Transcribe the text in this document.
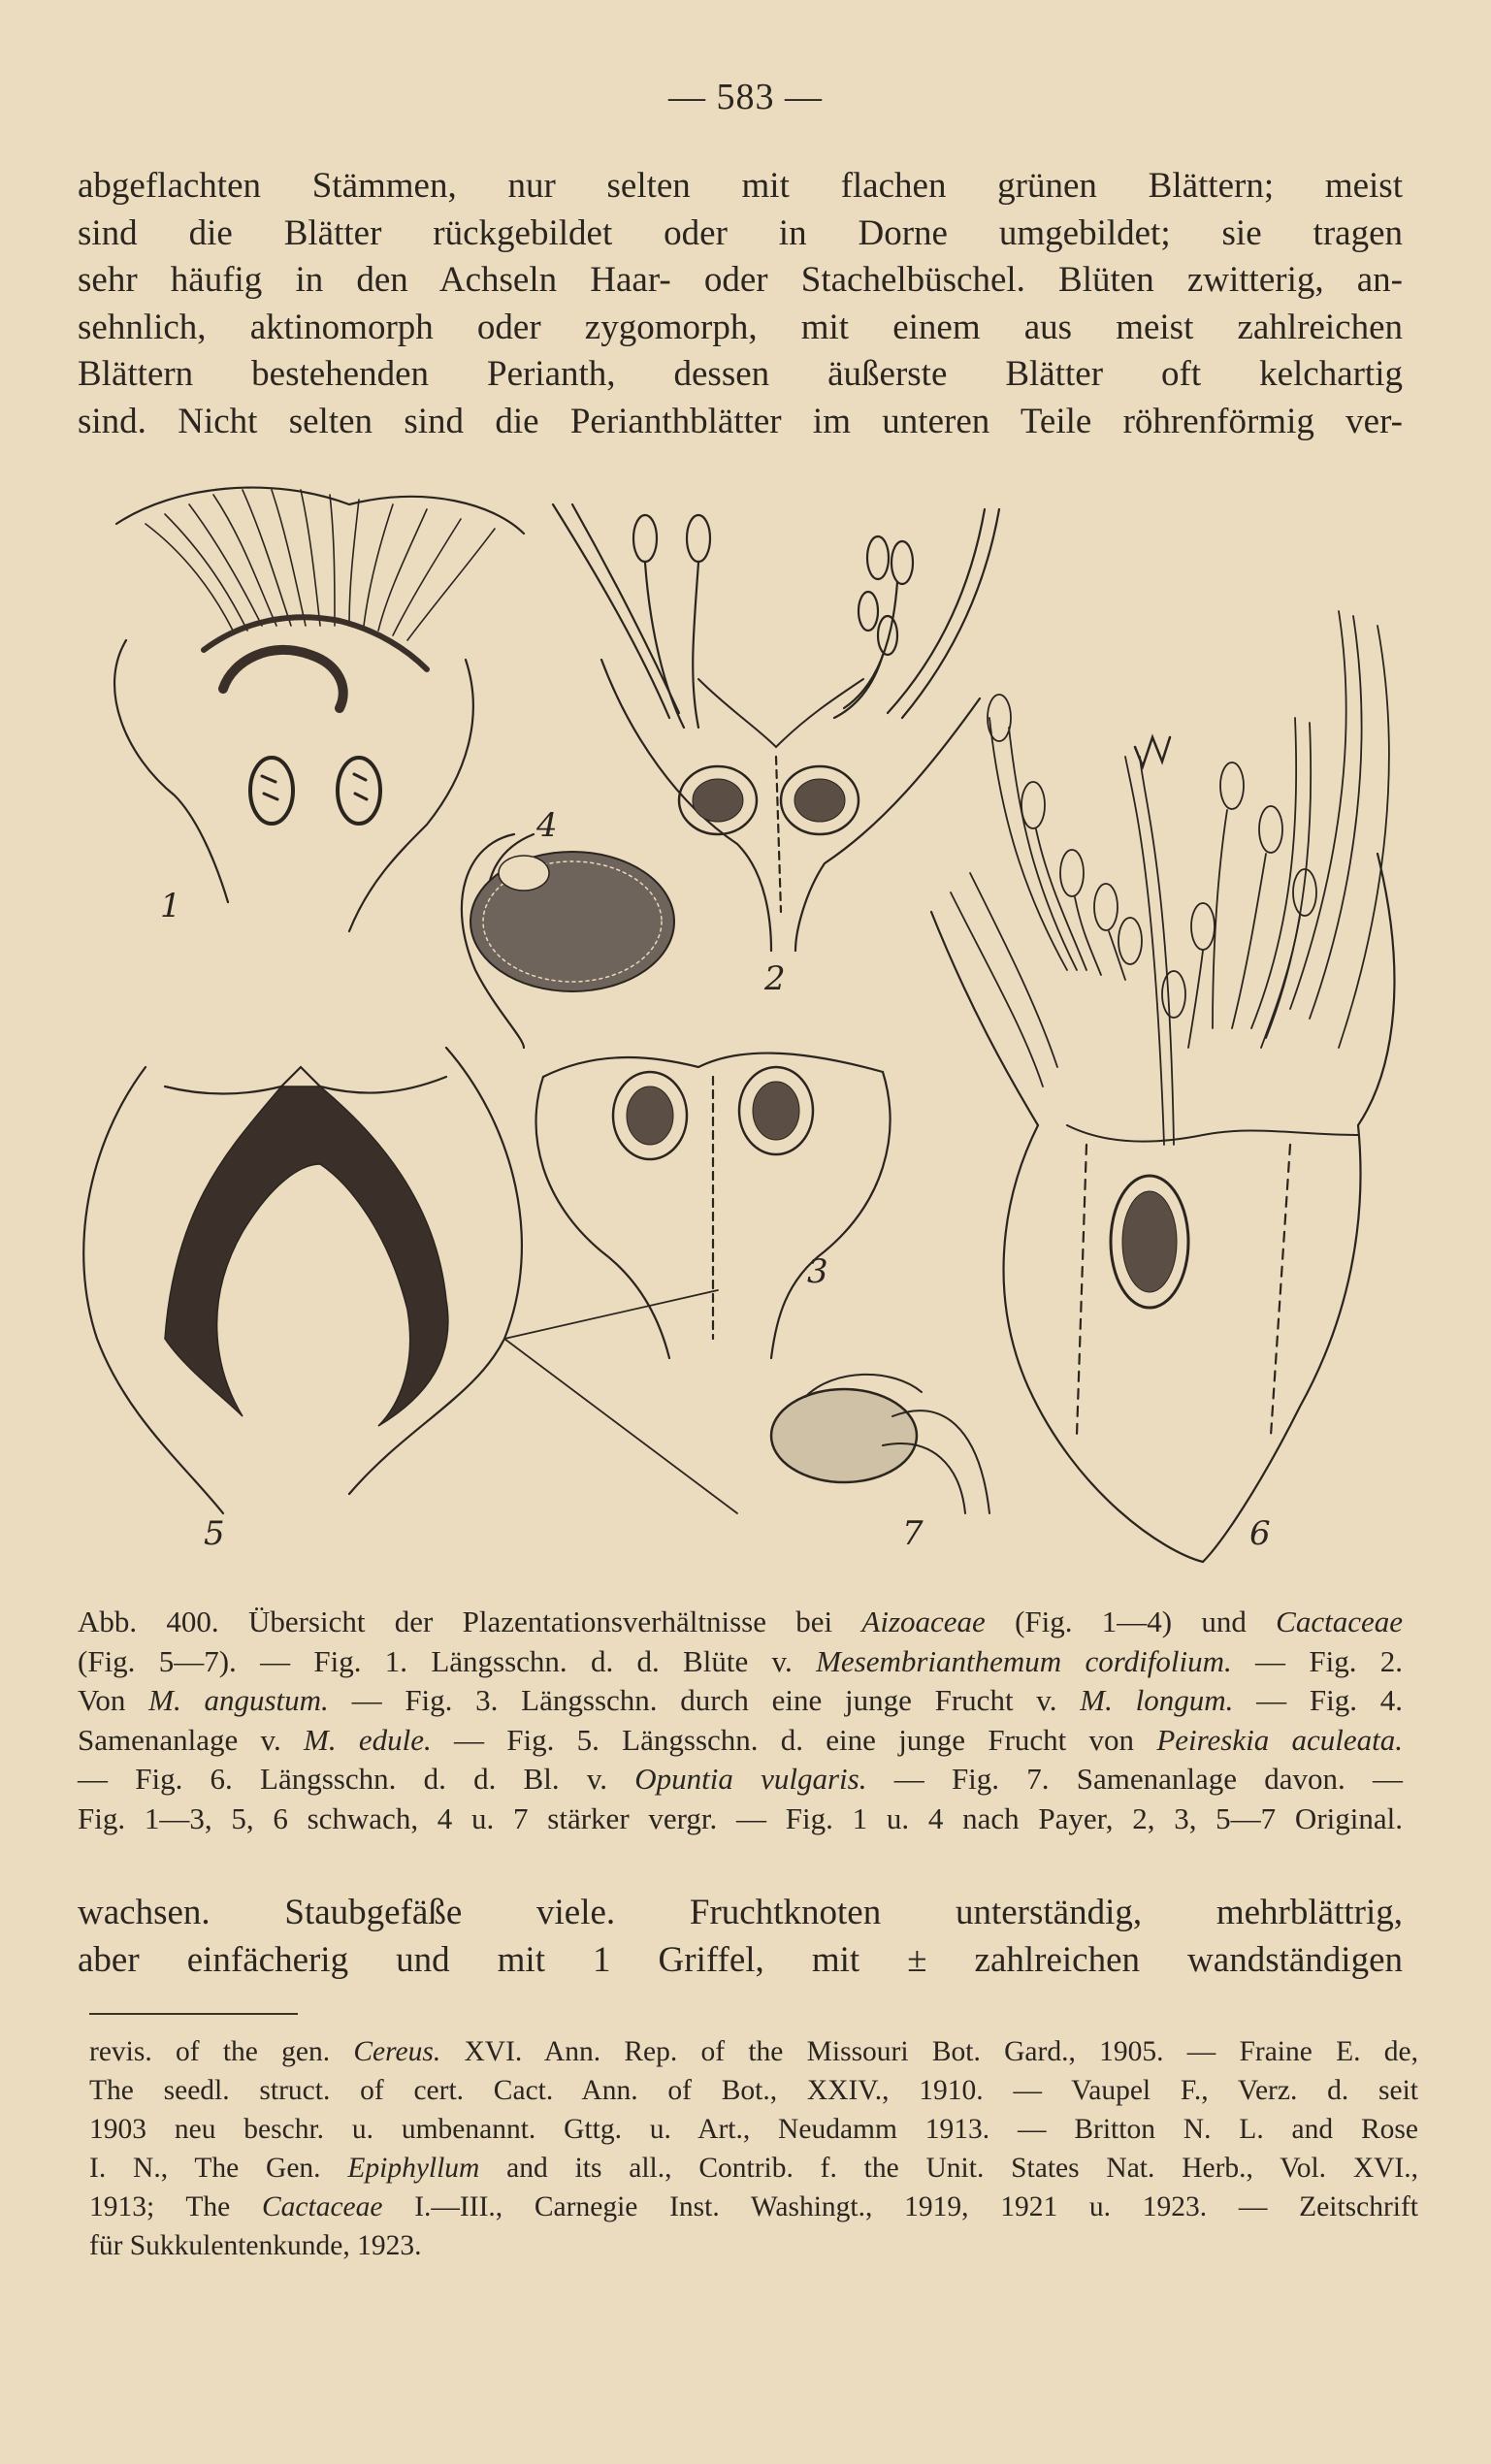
— 583 —
abgeflachten Stämmen, nur selten mit flachen grünen Blättern; meist
sind die Blätter rückgebildet oder in Dorne umgebildet; sie tragen
sehr häufig in den Achseln Haar- oder Stachelbüschel. Blüten zwitterig, an-
sehnlich, aktinomorph oder zygomorph, mit einem aus meist zahlreichen
Blättern bestehenden Perianth, dessen äußerste Blätter oft kelchartig
sind. Nicht selten sind die Perianthblätter im unteren Teile röhrenförmig ver-
1
2
3
4
5	6
7
Abb. 400. Übersicht der Plazentationsverhältnisse bei Aizoaceae (Fig. 1—4) und Cactaceae
(Fig. 5—7). — Fig. 1. Längsschn. d. d. Blüte v. Mesembrianthemum cordifolium. — Fig. 2.
Von M. angustum. — Fig. 3. Längsschn. durch eine junge Frucht v. M. longum. — Fig. 4.
Samenanlage v. M. edule. — Fig. 5. Längsschn. d. eine junge Frucht von Peireskia aculeata.
— Fig. 6. Längsschn. d. d. Bl. v. Opuntia vulgaris. — Fig. 7. Samenanlage davon. —
Fig. 1—3, 5, 6 schwach, 4 u. 7 stärker vergr. — Fig. 1 u. 4 nach Payer, 2, 3, 5—7 Original.
wachsen. Staubgefäße viele. Fruchtknoten unterständig, mehrblättrig,
aber einfächerig und mit 1 Griffel, mit ± zahlreichen wandständigen
revis. of the gen. Cereus. XVI. Ann. Rep. of the Missouri Bot. Gard., 1905. — Fraine E. de,
The seedl. struct. of cert. Cact. Ann. of Bot., XXIV., 1910. — Vaupel F., Verz. d. seit
1903 neu beschr. u. umbenannt. Gttg. u. Art., Neudamm 1913. — Britton N. L. and Rose
I. N., The Gen. Epiphyllum and its all., Contrib. f. the Unit. States Nat. Herb., Vol. XVI.,
1913; The Cactaceae I.—III., Carnegie Inst. Washingt., 1919, 1921 u. 1923. — Zeitschrift
für Sukkulentenkunde, 1923.
